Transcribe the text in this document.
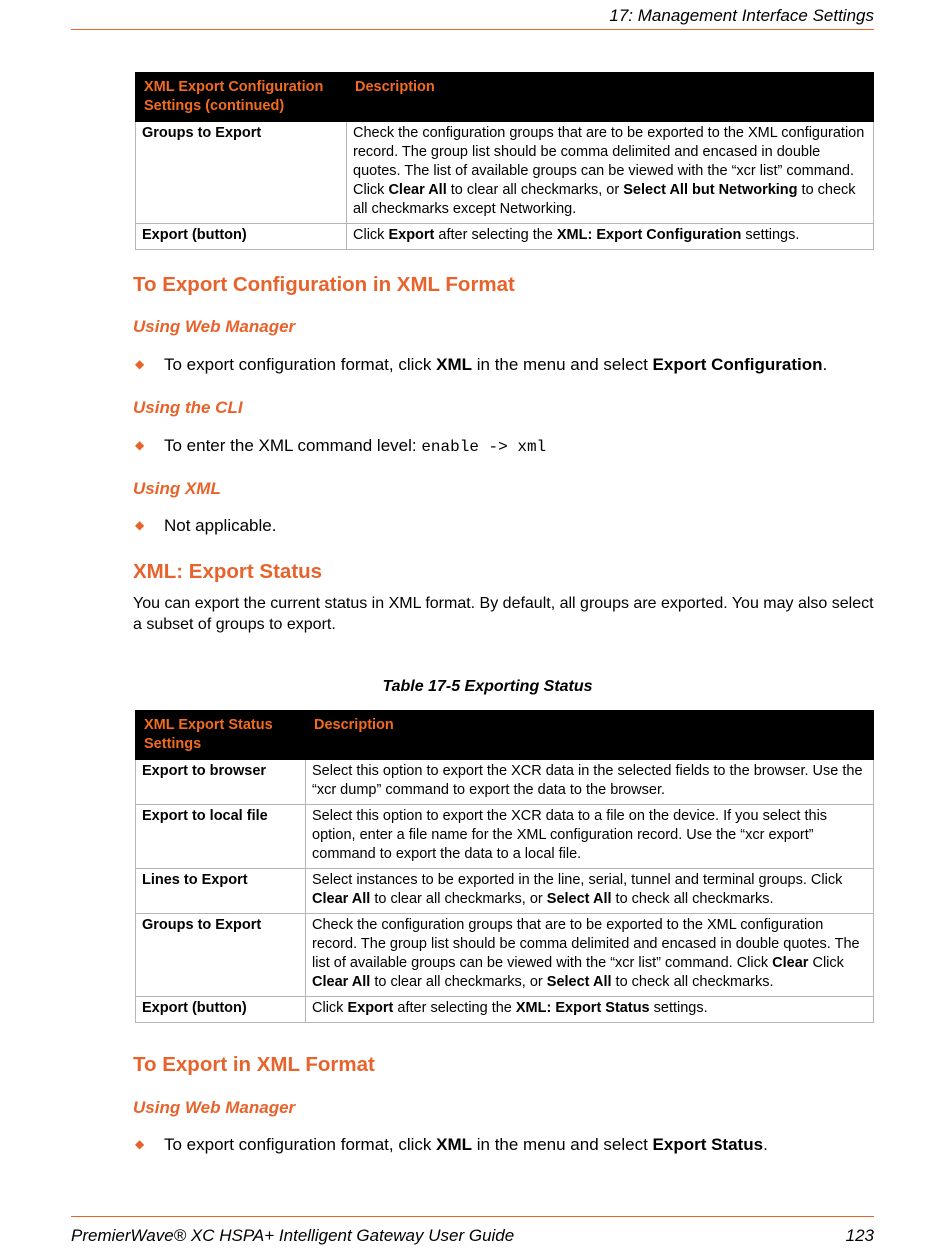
17: Management Interface Settings
XML Export Configuration Settings (continued)	Description
Groups to Export	Check the configuration groups that are to be exported to the XML configuration record. The group list should be comma delimited and encased in double quotes. The list of available groups can be viewed with the “xcr list” command. Click Clear All to clear all checkmarks, or Select All but Networking to check all checkmarks except Networking.
Export (button)	Click Export after selecting the XML: Export Configuration settings.
To Export Configuration in XML Format
Using Web Manager
◆ To export configuration format, click XML in the menu and select Export Configuration.
Using the CLI
◆ To enter the XML command level: enable -> xml
Using XML
◆ Not applicable.
XML: Export Status
You can export the current status in XML format. By default, all groups are exported. You may also select a subset of groups to export.
Table 17-5 Exporting Status
XML Export Status Settings	Description
Export to browser	Select this option to export the XCR data in the selected fields to the browser. Use the “xcr dump” command to export the data to the browser.
Export to local file	Select this option to export the XCR data to a file on the device. If you select this option, enter a file name for the XML configuration record. Use the “xcr export” command to export the data to a local file.
Lines to Export	Select instances to be exported in the line, serial, tunnel and terminal groups. Click Clear All to clear all checkmarks, or Select All to check all checkmarks.
Groups to Export	Check the configuration groups that are to be exported to the XML configuration record. The group list should be comma delimited and encased in double quotes. The list of available groups can be viewed with the “xcr list” command. Click Clear Click Clear All to clear all checkmarks, or Select All to check all checkmarks.
Export (button)	Click Export after selecting the XML: Export Status settings.
To Export in XML Format
Using Web Manager
◆ To export configuration format, click XML in the menu and select Export Status.
PremierWave® XC HSPA+ Intelligent Gateway User Guide	123
